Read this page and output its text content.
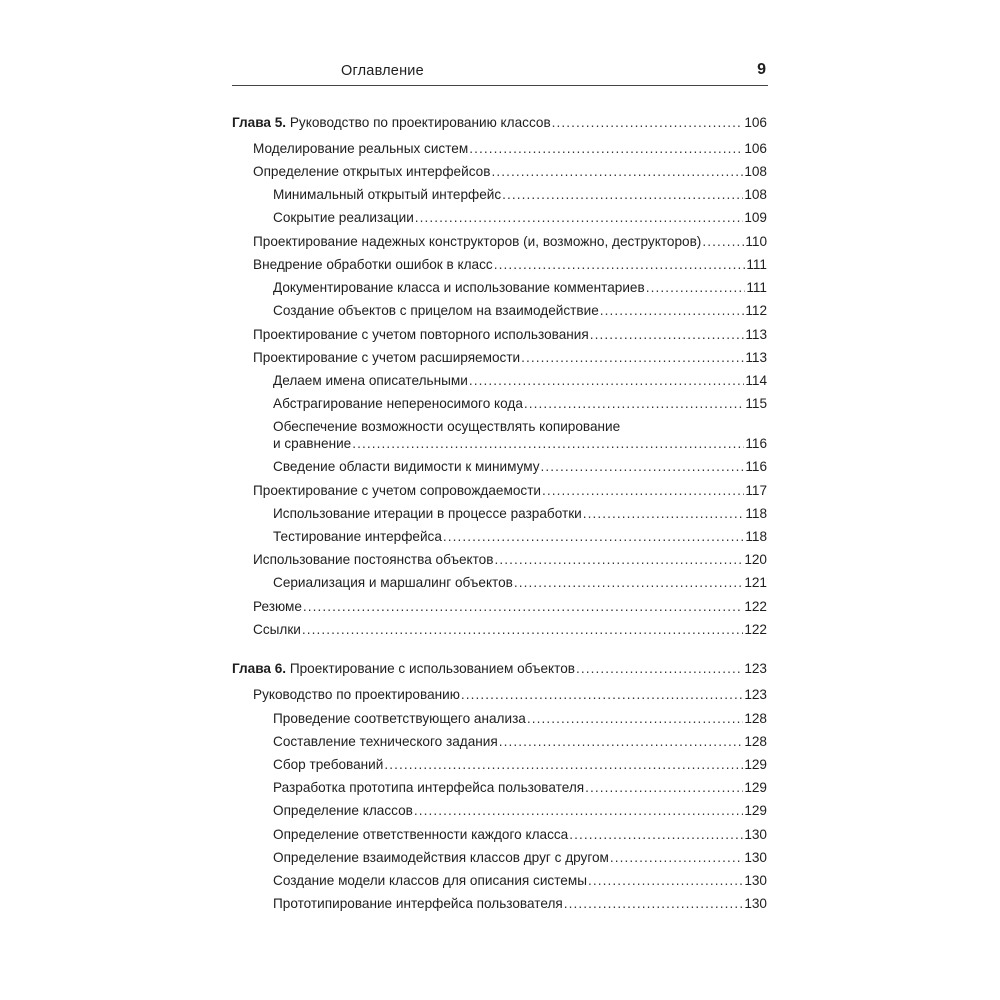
Оглавление	9
Глава 5. Руководство по проектированию классов .....	106
Моделирование реальных систем .....	106
Определение открытых интерфейсов .....	108
Минимальный открытый интерфейс .....	108
Сокрытие реализации .....	109
Проектирование надежных конструкторов (и, возможно, деструкторов) .....	110
Внедрение обработки ошибок в класс .....	111
Документирование класса и использование комментариев .....	111
Создание объектов с прицелом на взаимодействие .....	112
Проектирование с учетом повторного использования .....	113
Проектирование с учетом расширяемости .....	113
Делаем имена описательными .....	114
Абстрагирование непереносимого кода .....	115
Обеспечение возможности осуществлять копирование
и сравнение .....	116
Сведение области видимости к минимуму .....	116
Проектирование с учетом сопровождаемости .....	117
Использование итерации в процессе разработки .....	118
Тестирование интерфейса .....	118
Использование постоянства объектов .....	120
Сериализация и маршалинг объектов .....	121
Резюме .....	122
Ссылки .....	122
Глава 6. Проектирование с использованием объектов .....	123
Руководство по проектированию .....	123
Проведение соответствующего анализа .....	128
Составление технического задания .....	128
Сбор требований .....	129
Разработка прототипа интерфейса пользователя .....	129
Определение классов .....	129
Определение ответственности каждого класса .....	130
Определение взаимодействия классов друг с другом .....	130
Создание модели классов для описания системы .....	130
Прототипирование интерфейса пользователя .....	130
